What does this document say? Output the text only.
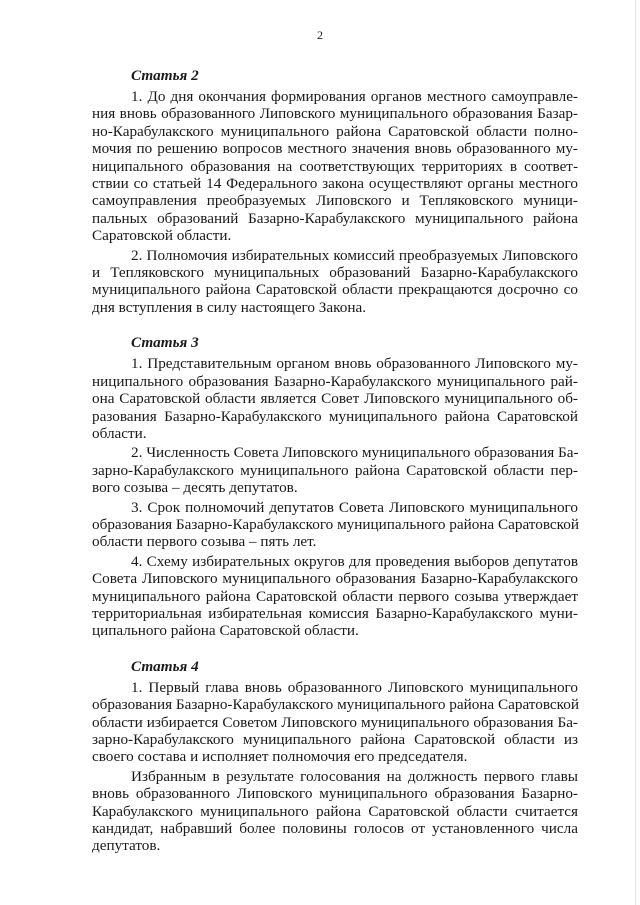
2
Статья 2
1. До дня окончания формирования органов местного самоуправле-
ния вновь образованного Липовского муниципального образования Базар-
но-Карабулакского муниципального района Саратовской области полно-
мочия по решению вопросов местного значения вновь образованного му-
ниципального образования на соответствующих территориях в соответ-
ствии со статьей 14 Федерального закона осуществляют органы местного
самоуправления преобразуемых Липовского и Тепляковского муници-
пальных образований Базарно-Карабулакского муниципального района
Саратовской области.
2. Полномочия избирательных комиссий преобразуемых Липовского
и Тепляковского муниципальных образований Базарно-Карабулакского
муниципального района Саратовской области прекращаются досрочно со
дня вступления в силу настоящего Закона.
Статья 3
1. Представительным органом вновь образованного Липовского му-
ниципального образования Базарно-Карабулакского муниципального рай-
она Саратовской области является Совет Липовского муниципального об-
разования Базарно-Карабулакского муниципального района Саратовской
области.
2. Численность Совета Липовского муниципального образования Ба-
зарно-Карабулакского муниципального района Саратовской области пер-
вого созыва – десять депутатов.
3. Срок полномочий депутатов Совета Липовского муниципального
образования Базарно-Карабулакского муниципального района Саратовской
области первого созыва – пять лет.
4. Схему избирательных округов для проведения выборов депутатов
Совета Липовского муниципального образования Базарно-Карабулакского
муниципального района Саратовской области первого созыва утверждает
территориальная избирательная комиссия Базарно-Карабулакского муни-
ципального района Саратовской области.
Статья 4
1. Первый глава вновь образованного Липовского муниципального
образования Базарно-Карабулакского муниципального района Саратовской
области избирается Советом Липовского муниципального образования Ба-
зарно-Карабулакского муниципального района Саратовской области из
своего состава и исполняет полномочия его председателя.
Избранным в результате голосования на должность первого главы
вновь образованного Липовского муниципального образования Базарно-
Карабулакского муниципального района Саратовской области считается
кандидат, набравший более половины голосов от установленного числа
депутатов.
